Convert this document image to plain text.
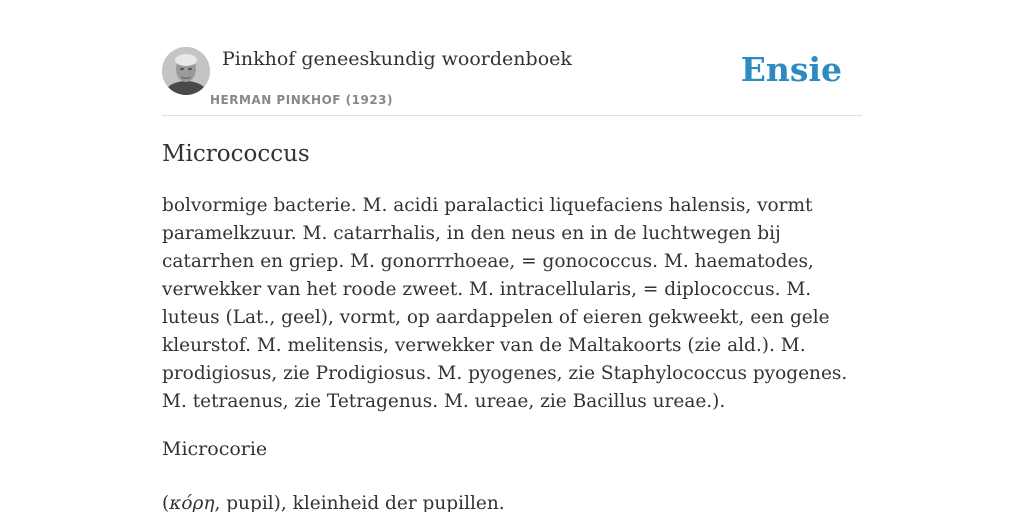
Pinkhof geneeskundig woordenboek
HERMAN PINKHOF (1923)
Ensie
Micrococcus

bolvormige bacterie. M. acidi paralactici liquefaciens halensis, vormt paramelkzuur. M. catarrhalis, in den neus en in de luchtwegen bij catarrhen en griep. M. gonorrrhoeae, = gonococcus. M. haematodes, verwekker van het roode zweet. M. intracellularis, = diplococcus. M. luteus (Lat., geel), vormt, op aardappelen of eieren gekweekt, een gele kleurstof. M. melitensis, verwekker van de Maltakoorts (zie ald.). M. prodigiosus, zie Prodigiosus. M. pyogenes, zie Staphylococcus pyogenes. M. tetraenus, zie Tetragenus. M. ureae, zie Bacillus ureae.).

Microcorie

(κόρη, pupil), kleinheid der pupillen.
